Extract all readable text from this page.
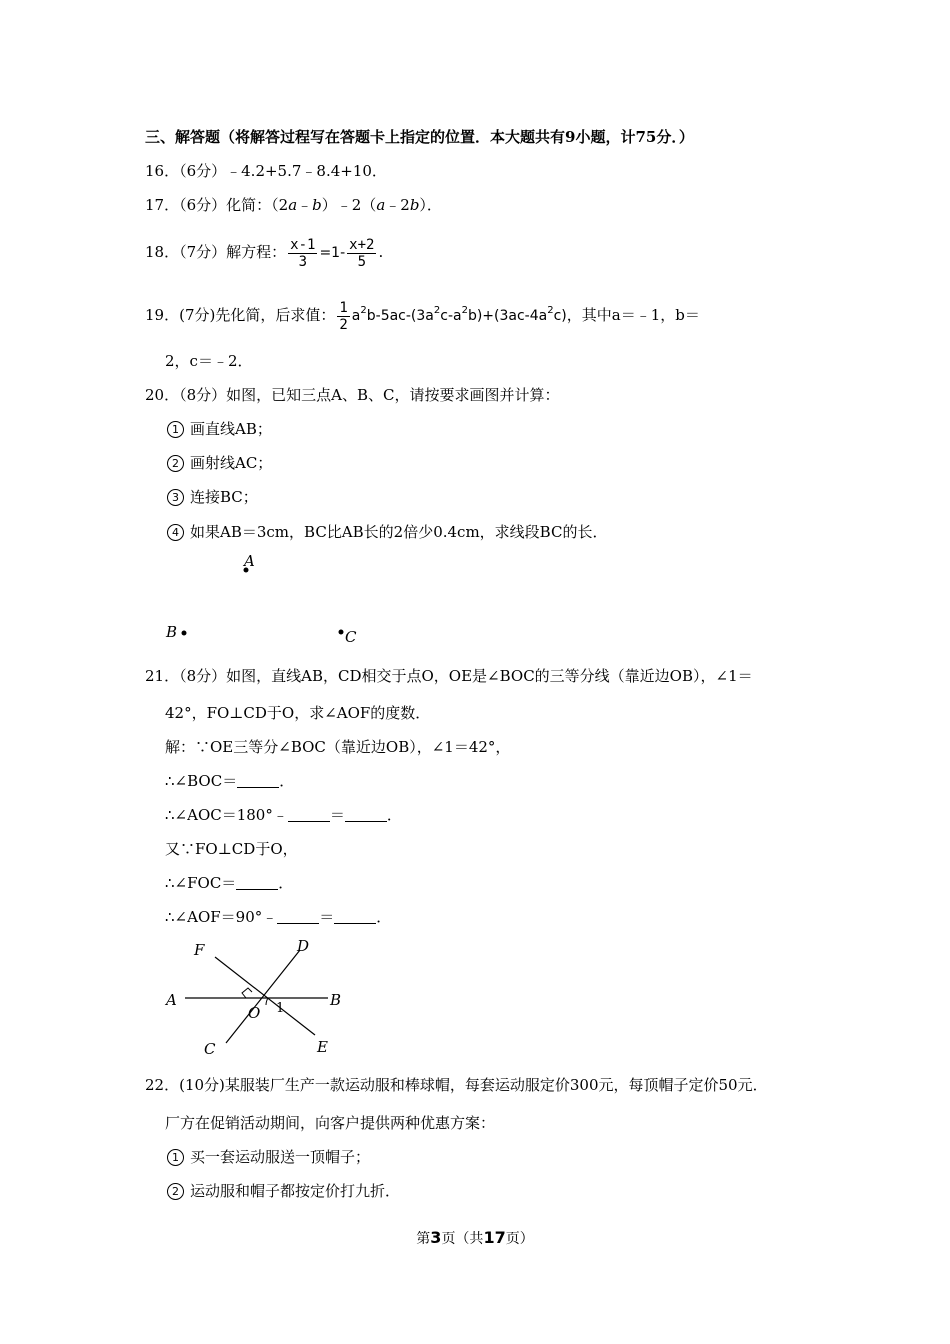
三、解答题（将解答过程写在答题卡上指定的位置．本大题共有9小题，计75分．）
16．（6分）﹣4.2+5.7﹣8.4+10．
17．（6分）化简：（2a﹣b）﹣2（a﹣2b）．
18．（7分）解方程： $\frac{x-1}{3} =1- \frac{x+2}{5}$ .
19．(7分)先化简，后求值： $\frac{1}{2} a^2b-5ac-(3a^2c-a^2b)+(3ac-4a^2c)$，其中a＝﹣1，b＝
2，c＝﹣2．
20．（8分）如图，已知三点A、B、C，请按要求画图并计算：
1 画直线AB；
2 画射线AC；
3 连接BC；
4 如果AB＝3cm，BC比AB长的2倍少0.4cm，求线段BC的长．
A
B	C
21．（8分）如图，直线AB，CD相交于点O，OE是∠BOC的三等分线（靠近边OB），∠1＝
42°，FO⊥CD于O，求∠AOF的度数．
解：∵OE三等分∠BOC（靠近边OB），∠1＝42°，
∴∠BOC＝	．
∴∠AOC＝180°﹣	＝	．
又∵FO⊥CD于O，
∴∠FOC＝	．
∴∠AOF＝90°﹣	＝	．
F	D
A	B
O 1
C	E
22．(10分)某服装厂生产一款运动服和棒球帽，每套运动服定价300元，每顶帽子定价50元．
厂方在促销活动期间，向客户提供两种优惠方案：
1 买一套运动服送一顶帽子；
2 运动服和帽子都按定价打九折．
第3页（共17页）
